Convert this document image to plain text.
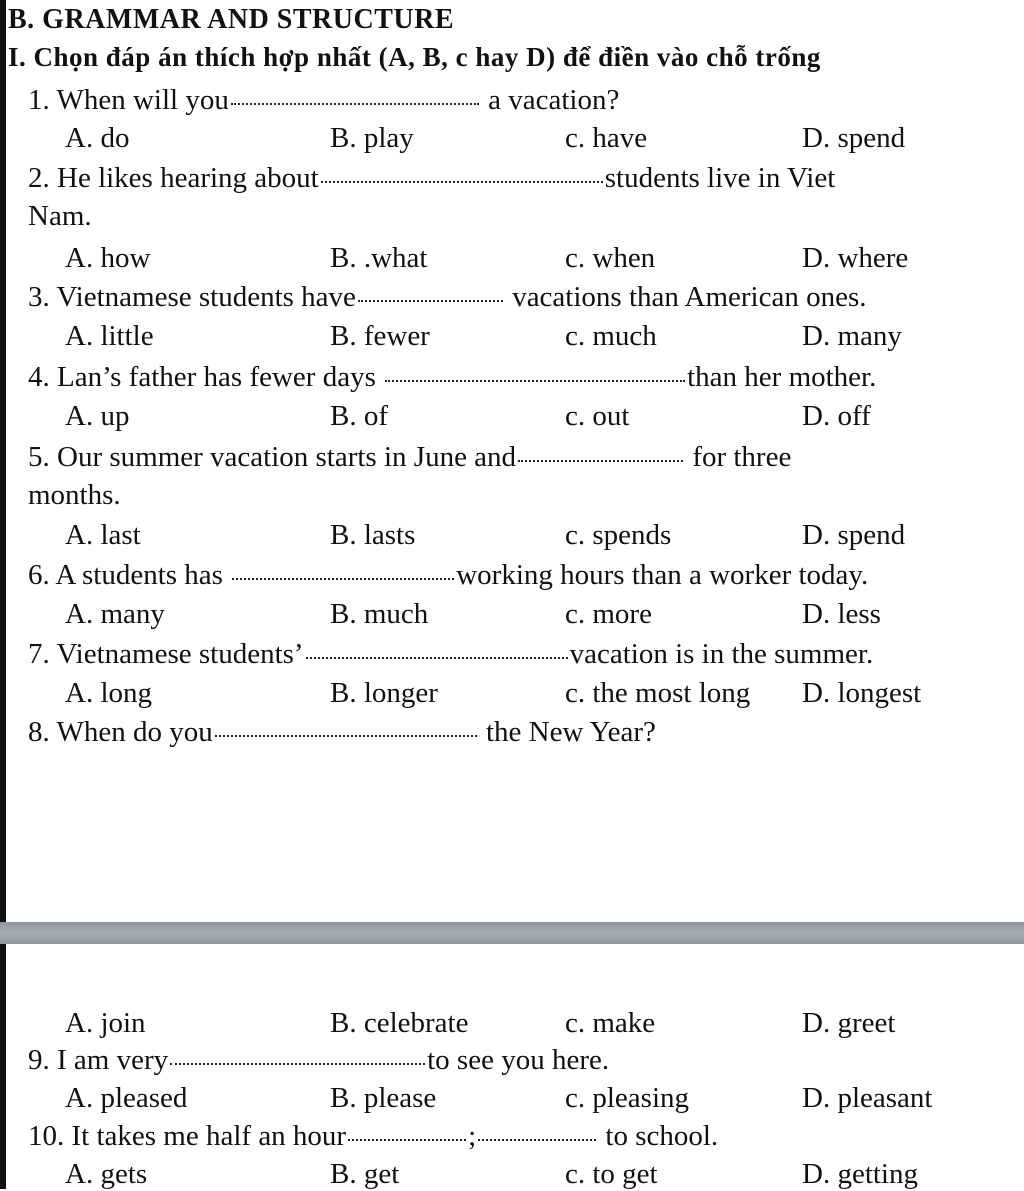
B. GRAMMAR AND STRUCTURE
I. Chọn đáp án thích hợp nhất (A, B, c hay D) để điền vào chỗ trống
1. When will you	a vacation?
A. do	B. play	c. have	D. spend
2. He likes hearing about	students live in Viet
Nam.
A. how	B. .what	c. when	D. where
3. Vietnamese students have	vacations than American ones.
A. little	B. fewer	c. much	D. many
4. Lan’s father has fewer days	than her mother.
A. up	B. of	c. out	D. off
5. Our summer vacation starts in June and	for three
months.
A. last	B. lasts	c. spends	D. spend
6. A students has	working hours than a worker today.
A. many	B. much	c. more	D. less
7. Vietnamese students’	vacation is in the summer.
A. long	B. longer	c. the most long D. longest
8. When do you	the New Year?
A. join	B. celebrate	c. make	D. greet
9. I am very	to see you here.
A. pleased	B. please	c. pleasing	D. pleasant
10. It takes me half an hour	;	to school.
A. gets	B. get	c. to get	D. getting
